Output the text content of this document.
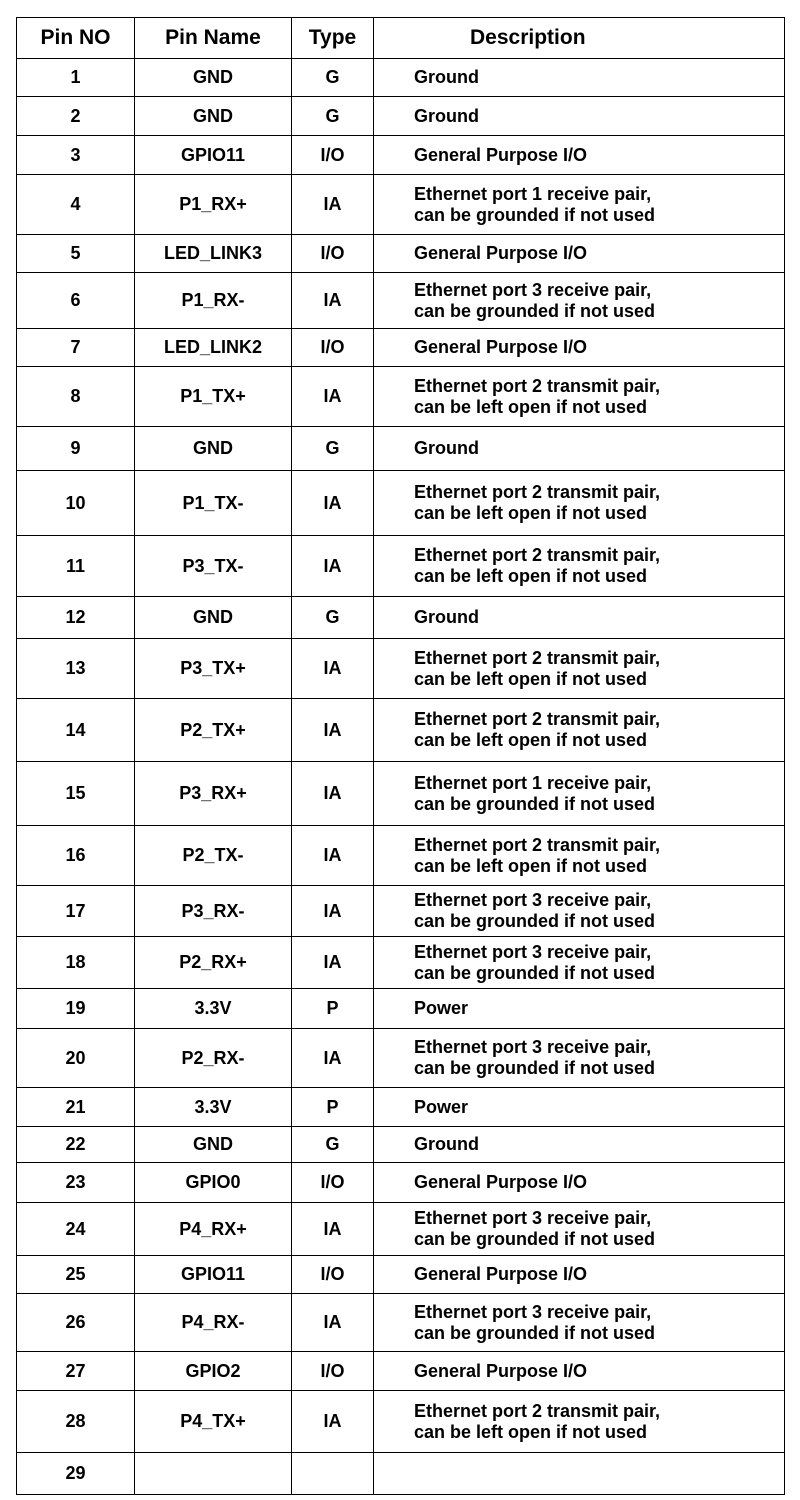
Pin NO	Pin Name	Type	Description
1	GND	G	Ground

2	GND	G	Ground

3	GPIO11	I/O	General Purpose I/O

4	P1_RX+	IA	Ethernet port 1 receive pair,
can be grounded if not used

5	LED_LINK3	I/O	General Purpose I/O

6	P1_RX-	IA	Ethernet port 3 receive pair,
can be grounded if not used

7	LED_LINK2	I/O	General Purpose I/O

8	P1_TX+	IA	Ethernet port 2 transmit pair,
can be left open if not used

9	GND	G	Ground

10	P1_TX-	IA	Ethernet port 2 transmit pair,
can be left open if not used

11	P3_TX-	IA	Ethernet port 2 transmit pair,
can be left open if not used

12	GND	G	Ground

13	P3_TX+	IA	Ethernet port 2 transmit pair,
can be left open if not used

14	P2_TX+	IA	Ethernet port 2 transmit pair,
can be left open if not used

15	P3_RX+	IA	Ethernet port 1 receive pair,
can be grounded if not used

16	P2_TX-	IA	Ethernet port 2 transmit pair,
can be left open if not used

17	P3_RX-	IA	Ethernet port 3 receive pair,
can be grounded if not used

18	P2_RX+	IA	Ethernet port 3 receive pair,
can be grounded if not used

19	3.3V	P	Power

20	P2_RX-	IA	Ethernet port 3 receive pair,
can be grounded if not used

21	3.3V	P	Power

22	GND	G	Ground

23	GPIO0	I/O	General Purpose I/O

24	P4_RX+	IA	Ethernet port 3 receive pair,
can be grounded if not used

25	GPIO11	I/O	General Purpose I/O

26	P4_RX-	IA	Ethernet port 3 receive pair,
can be grounded if not used

27	GPIO2	I/O	General Purpose I/O

28	P4_TX+	IA	Ethernet port 2 transmit pair,
can be left open if not used

29			
